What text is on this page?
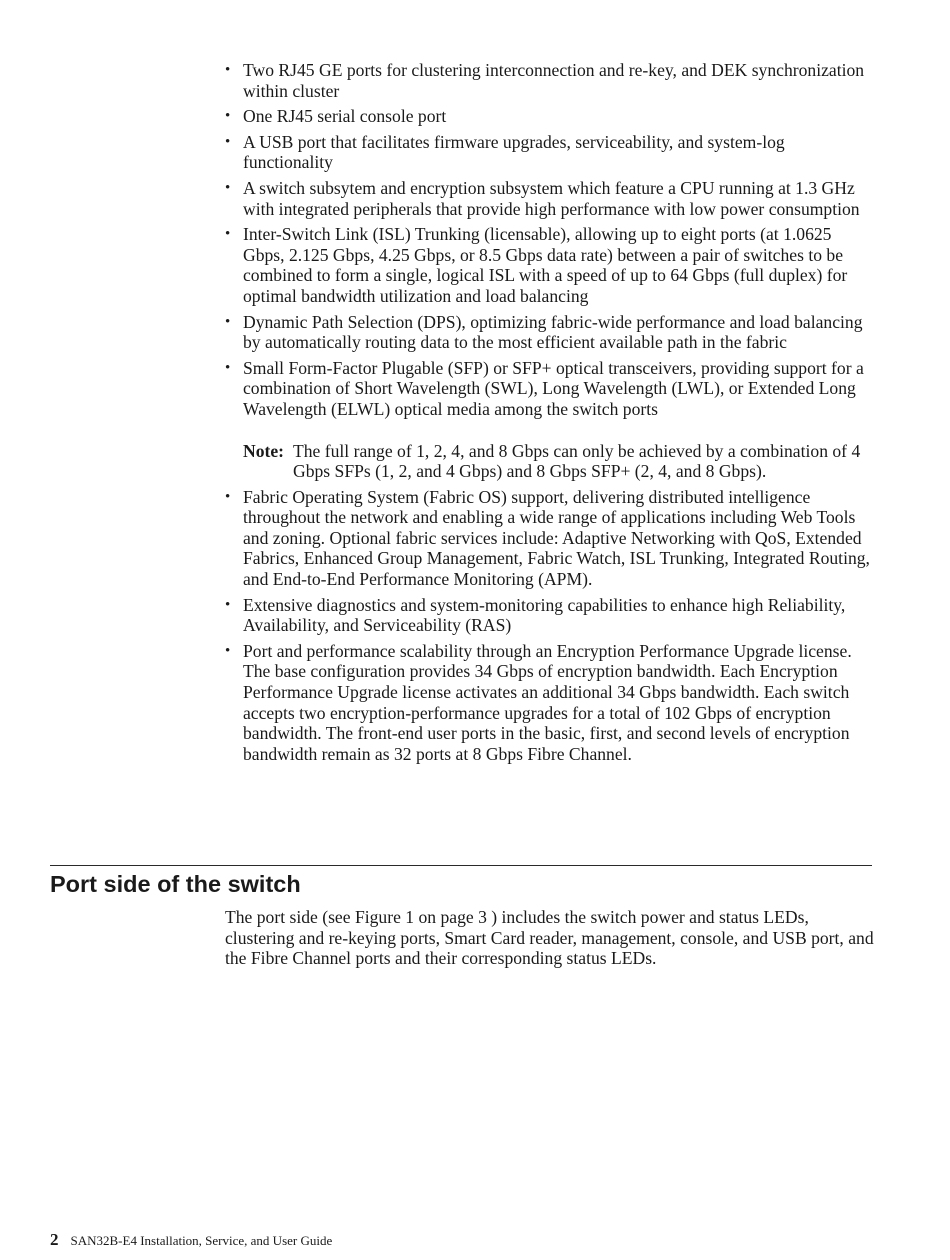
• Two RJ45 GE ports for clustering interconnection and re-key, and DEK synchronization within cluster
• One RJ45 serial console port
• A USB port that facilitates firmware upgrades, serviceability, and system-log functionality
• A switch subsytem and encryption subsystem which feature a CPU running at 1.3 GHz with integrated peripherals that provide high performance with low power consumption
• Inter-Switch Link (ISL) Trunking (licensable), allowing up to eight ports (at 1.0625 Gbps, 2.125 Gbps, 4.25 Gbps, or 8.5 Gbps data rate) between a pair of switches to be combined to form a single, logical ISL with a speed of up to 64 Gbps (full duplex) for optimal bandwidth utilization and load balancing
• Dynamic Path Selection (DPS), optimizing fabric-wide performance and load balancing by automatically routing data to the most efficient available path in the fabric
• Small Form-Factor Plugable (SFP) or SFP+ optical transceivers, providing support for a combination of Short Wavelength (SWL), Long Wavelength (LWL), or Extended Long Wavelength (ELWL) optical media among the switch ports
Note: The full range of 1, 2, 4, and 8 Gbps can only be achieved by a combination of 4 Gbps SFPs (1, 2, and 4 Gbps) and 8 Gbps SFP+ (2, 4, and 8 Gbps).
• Fabric Operating System (Fabric OS) support, delivering distributed intelligence throughout the network and enabling a wide range of applications including Web Tools and zoning. Optional fabric services include: Adaptive Networking with QoS, Extended Fabrics, Enhanced Group Management, Fabric Watch, ISL Trunking, Integrated Routing, and End-to-End Performance Monitoring (APM).
• Extensive diagnostics and system-monitoring capabilities to enhance high Reliability, Availability, and Serviceability (RAS)
• Port and performance scalability through an Encryption Performance Upgrade license. The base configuration provides 34 Gbps of encryption bandwidth. Each Encryption Performance Upgrade license activates an additional 34 Gbps bandwidth. Each switch accepts two encryption-performance upgrades for a total of 102 Gbps of encryption bandwidth. The front-end user ports in the basic, first, and second levels of encryption bandwidth remain as 32 ports at 8 Gbps Fibre Channel.
Port side of the switch

The port side (see Figure 1 on page 3 ) includes the switch power and status LEDs, clustering and re-keying ports, Smart Card reader, management, console, and USB port, and the Fibre Channel ports and their corresponding status LEDs.

2 SAN32B-E4 Installation, Service, and User Guide
